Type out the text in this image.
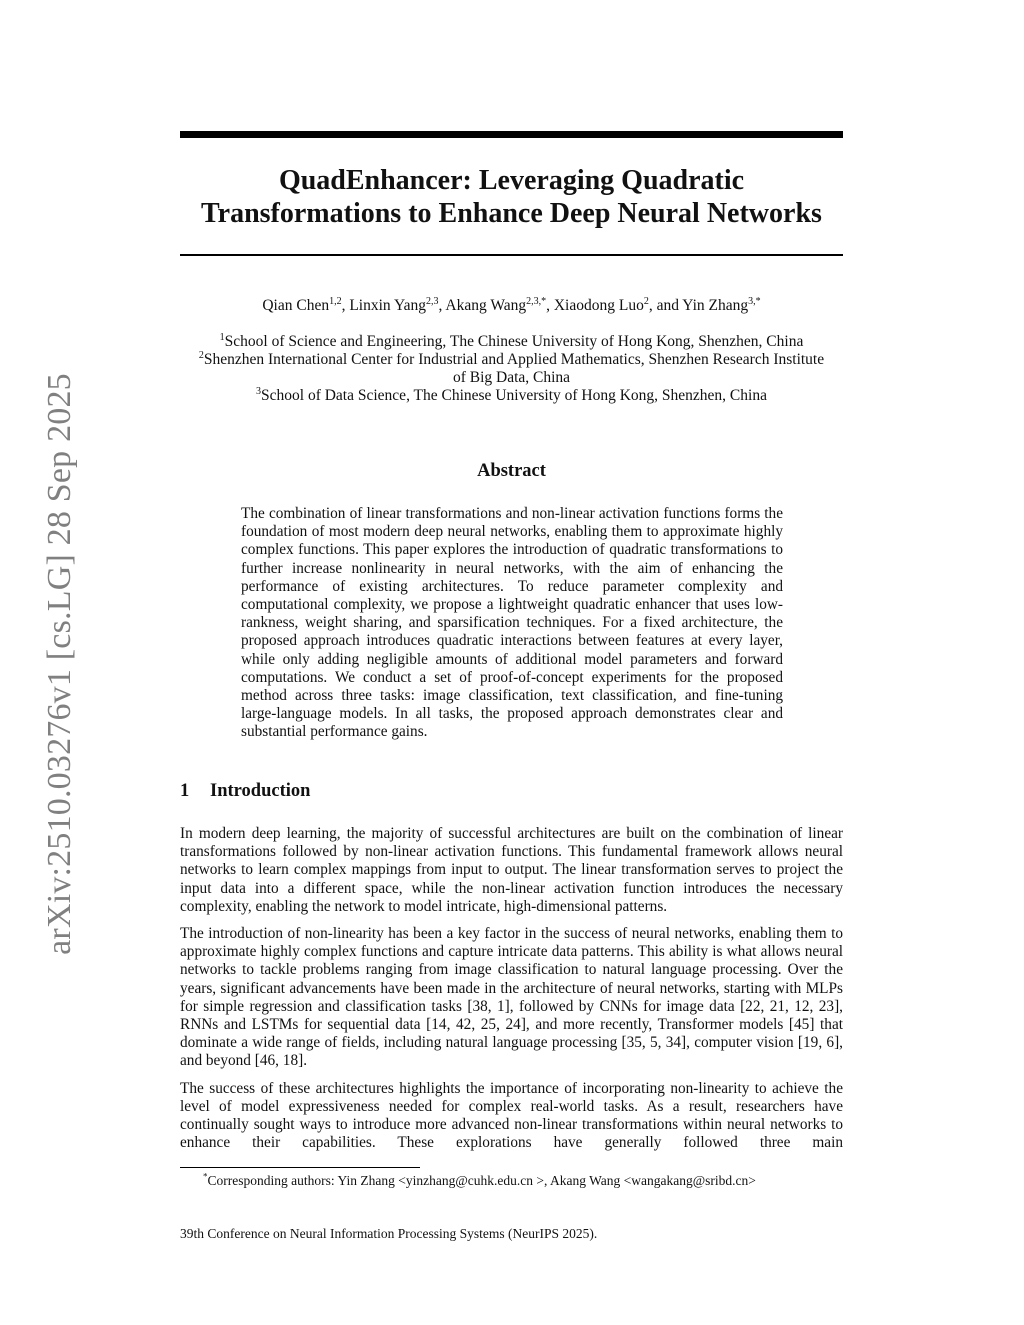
arXiv:2510.03276v1 [cs.LG] 28 Sep 2025
QuadEnhancer: Leveraging Quadratic
Transformations to Enhance Deep Neural Networks
Qian Chen$^{1,2}$, Linxin Yang$^{2,3}$, Akang Wang$^{2,3,*}$, Xiaodong Luo$^2$, and Yin Zhang$^{3,*}$
$^1$School of Science and Engineering, The Chinese University of Hong Kong, Shenzhen, China
$^2$Shenzhen International Center for Industrial and Applied Mathematics, Shenzhen Research Institute
of Big Data, China
$^3$School of Data Science, The Chinese University of Hong Kong, Shenzhen, China
Abstract
The combination of linear transformations and non-linear activation functions forms the foundation of most modern deep neural networks, enabling them to approximate highly complex functions. This paper explores the introduction of quadratic transformations to further increase nonlinearity in neural networks, with the aim of enhancing the performance of existing architectures. To reduce parameter complexity and computational complexity, we propose a lightweight quadratic enhancer that uses low-rankness, weight sharing, and sparsification techniques. For a fixed architecture, the proposed approach introduces quadratic interactions between features at every layer, while only adding negligible amounts of additional model parameters and forward computations. We conduct a set of proof-of-concept experiments for the proposed method across three tasks: image classification, text classification, and fine-tuning large-language models. In all tasks, the proposed approach demonstrates clear and substantial performance gains.
1 Introduction

In modern deep learning, the majority of successful architectures are built on the combination of linear transformations followed by non-linear activation functions. This fundamental framework allows neural networks to learn complex mappings from input to output. The linear transformation serves to project the input data into a different space, while the non-linear activation function introduces the necessary complexity, enabling the network to model intricate, high-dimensional patterns.

The introduction of non-linearity has been a key factor in the success of neural networks, enabling them to approximate highly complex functions and capture intricate data patterns. This ability is what allows neural networks to tackle problems ranging from image classification to natural language processing. Over the years, significant advancements have been made in the architecture of neural networks, starting with MLPs for simple regression and classification tasks [38, 1], followed by CNNs for image data [22, 21, 12, 23], RNNs and LSTMs for sequential data [14, 42, 25, 24], and more recently, Transformer models [45] that dominate a wide range of fields, including natural language processing [35, 5, 34], computer vision [19, 6], and beyond [46, 18].

The success of these architectures highlights the importance of incorporating non-linearity to achieve the level of model expressiveness needed for complex real-world tasks. As a result, researchers have continually sought ways to introduce more advanced non-linear transformations within neural networks to enhance their capabilities. These explorations have generally followed three main

*Corresponding authors: Yin Zhang <yinzhang@cuhk.edu.cn >, Akang Wang <wangakang@sribd.cn>
39th Conference on Neural Information Processing Systems (NeurIPS 2025).
